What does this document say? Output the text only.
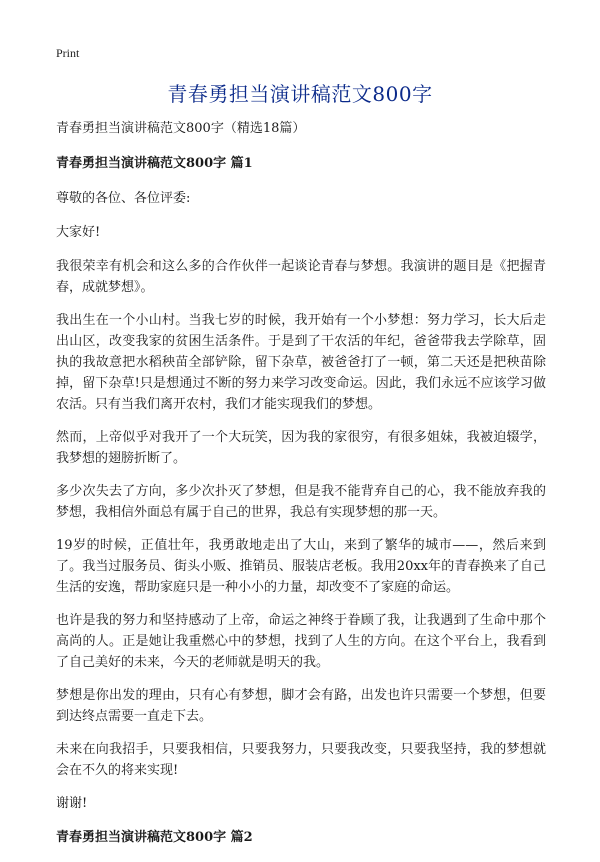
Print
青春勇担当演讲稿范文800字

青春勇担当演讲稿范文800字（精选18篇）

青春勇担当演讲稿范文800字 篇1

尊敬的各位、各位评委:

大家好!

我很荣幸有机会和这么多的合作伙伴一起谈论青春与梦想。我演讲的题目是《把握青春，成就梦想》。

我出生在一个小山村。当我七岁的时候，我开始有一个小梦想：努力学习，长大后走出山区，改变我家的贫困生活条件。于是到了干农活的年纪，爸爸带我去学除草，固执的我故意把水稻秧苗全部铲除，留下杂草，被爸爸打了一顿，第二天还是把秧苗除掉，留下杂草!只是想通过不断的努力来学习改变命运。因此，我们永远不应该学习做农活。只有当我们离开农村，我们才能实现我们的梦想。

然而，上帝似乎对我开了一个大玩笑，因为我的家很穷，有很多姐妹，我被迫辍学，我梦想的翅膀折断了。

多少次失去了方向，多少次扑灭了梦想，但是我不能背弃自己的心，我不能放弃我的梦想，我相信外面总有属于自己的世界，我总有实现梦想的那一天。

19岁的时候，正值壮年，我勇敢地走出了大山，来到了繁华的城市——，然后来到了。我当过服务员、街头小贩、推销员、服装店老板。我用20xx年的青春换来了自己生活的安逸，帮助家庭只是一种小小的力量，却改变不了家庭的命运。

也许是我的努力和坚持感动了上帝，命运之神终于眷顾了我，让我遇到了生命中那个高尚的人。正是她让我重燃心中的梦想，找到了人生的方向。在这个平台上，我看到了自己美好的未来，今天的老师就是明天的我。

梦想是你出发的理由，只有心有梦想，脚才会有路，出发也许只需要一个梦想，但要到达终点需要一直走下去。

未来在向我招手，只要我相信，只要我努力，只要我改变，只要我坚持，我的梦想就会在不久的将来实现!

谢谢!

青春勇担当演讲稿范文800字 篇2
